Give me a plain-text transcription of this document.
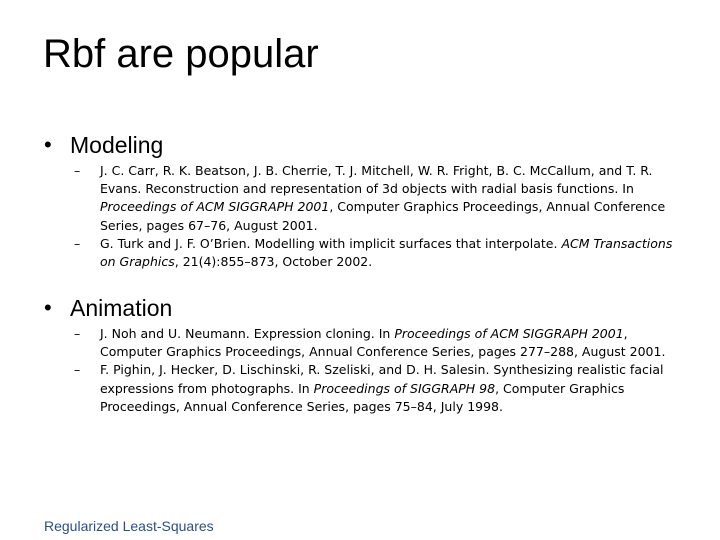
Rbf are popular
• Modeling
– J. C. Carr, R. K. Beatson, J. B. Cherrie, T. J. Mitchell, W. R. Fright, B. C. McCallum, and T. R. Evans. Reconstruction and representation of 3d objects with radial basis functions. In Proceedings of ACM SIGGRAPH 2001, Computer Graphics Proceedings, Annual Conference Series, pages 67–76, August 2001.
– G. Turk and J. F. O’Brien. Modelling with implicit surfaces that interpolate. ACM Transactions on Graphics, 21(4):855–873, October 2002.
• Animation
– J. Noh and U. Neumann. Expression cloning. In Proceedings of ACM SIGGRAPH 2001, Computer Graphics Proceedings, Annual Conference Series, pages 277–288, August 2001.
– F. Pighin, J. Hecker, D. Lischinski, R. Szeliski, and D. H. Salesin. Synthesizing realistic facial expressions from photographs. In Proceedings of SIGGRAPH 98, Computer Graphics Proceedings, Annual Conference Series, pages 75–84, July 1998.
Regularized Least-Squares
